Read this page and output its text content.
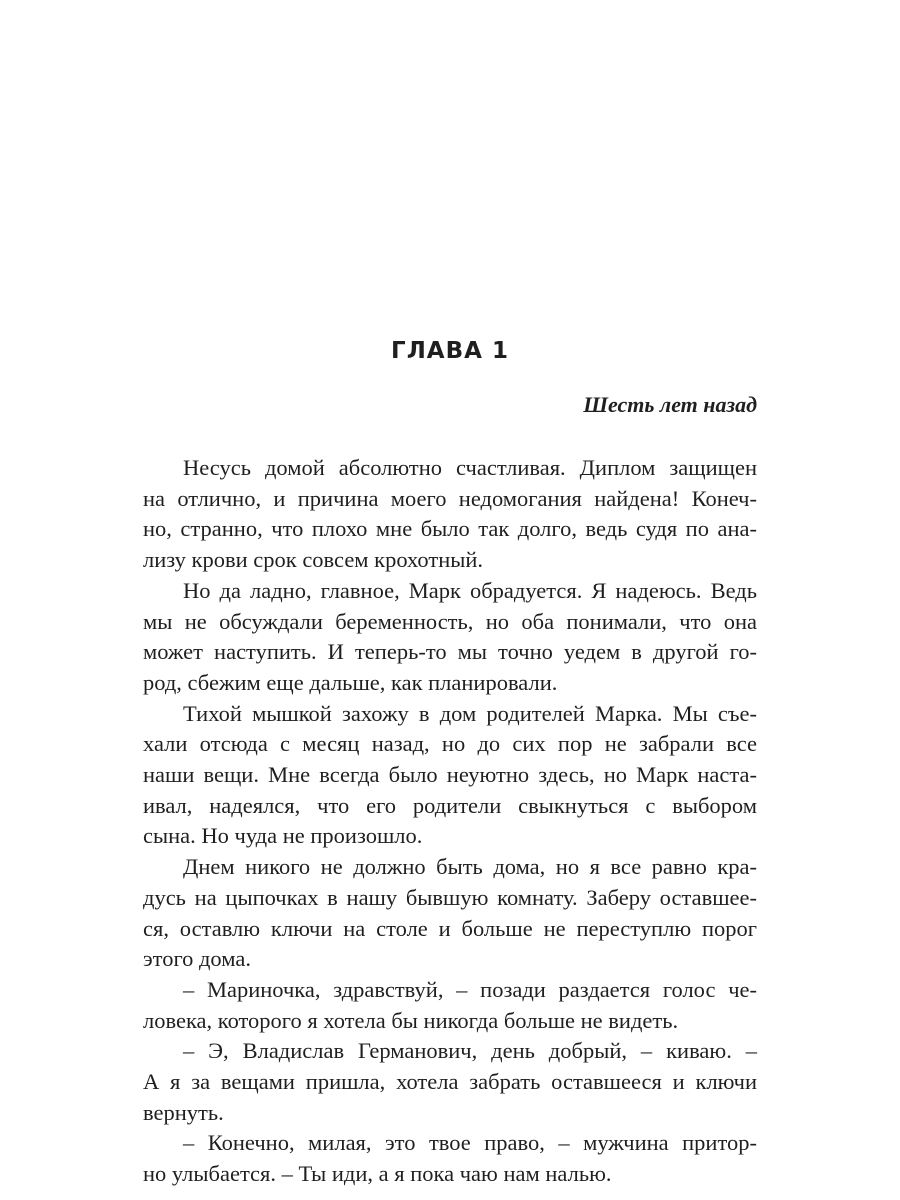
ГЛАВА 1

Шесть лет назад

Несусь домой абсолютно счастливая. Диплом защищен
на отлично, и причина моего недомогания найдена! Конеч-
но, странно, что плохо мне было так долго, ведь судя по ана-
лизу крови срок совсем крохотный.
Но да ладно, главное, Марк обрадуется. Я надеюсь. Ведь
мы не обсуждали беременность, но оба понимали, что она
может наступить. И теперь-то мы точно уедем в другой го-
род, сбежим еще дальше, как планировали.
Тихой мышкой захожу в дом родителей Марка. Мы съе-
хали отсюда с месяц назад, но до сих пор не забрали все
наши вещи. Мне всегда было неуютно здесь, но Марк наста-
ивал, надеялся, что его родители свыкнуться с выбором
сына. Но чуда не произошло.
Днем никого не должно быть дома, но я все равно кра-
дусь на цыпочках в нашу бывшую комнату. Заберу оставшее-
ся, оставлю ключи на столе и больше не переступлю порог
этого дома.
– Мариночка, здравствуй, – позади раздается голос че-
ловека, которого я хотела бы никогда больше не видеть.
– Э, Владислав Германович, день добрый, – киваю. –
А я за вещами пришла, хотела забрать оставшееся и ключи
вернуть.
– Конечно, милая, это твое право, – мужчина притор-
но улыбается. – Ты иди, а я пока чаю нам налью.
